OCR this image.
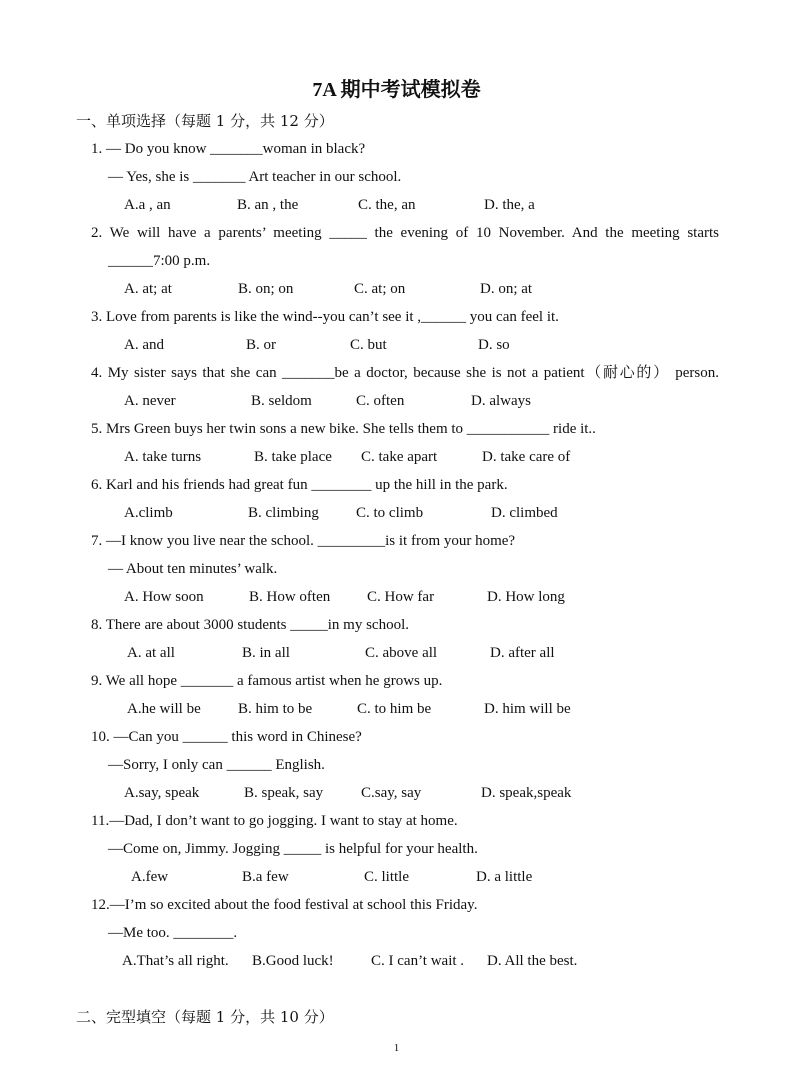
7A 期中考试模拟卷
一、单项选择（每题 1 分，共 12 分）
1. — Do you know _______woman in black?
— Yes, she is _______ Art teacher in our school.
A.a , an	B. an , the	C. the, an	D. the, a
2. We will have a parents’ meeting _____ the evening of 10 November. And the meeting starts
______7:00 p.m.
A. at; at	B. on; on	C. at; on	D. on; at
3. Love from parents is like the wind--you can’t see it ,______ you can feel it.
A. and	B. or	C. but	D. so
4. My sister says that she can _______be a doctor, because she is not a patient（耐心的） person.
A. never	B. seldom	C. often	D. always
5. Mrs Green buys her twin sons a new bike. She tells them to ___________ ride it..
A. take turns	B. take place C. take apart	D. take care of
6. Karl and his friends had great fun ________ up the hill in the park.
A.climb	B. climbing C. to climb	D. climbed
7. —I know you live near the school. _________is it from your home?
— About ten minutes’ walk.
A. How soon	B. How often C. How far	D. How long
8. There are about 3000 students _____in my school.
A. at all	B. in all	C. above all	D. after all
9. We all hope _______ a famous artist when he grows up.
A.he will be B. him to be	C. to him be	D. him will be
10. —Can you ______ this word in Chinese?
—Sorry, I only can ______ English.
A.say, speak	B. speak, say	C.say, say	D. speak,speak
11.—Dad, I don’t want to go jogging. I want to stay at home.
—Come on, Jimmy. Jogging _____ is helpful for your health.
A.few	B.a few	C. little	D. a little
12.—I’m so excited about the food festival at school this Friday.
—Me too. ________.
A.That’s all right. B.Good luck! C. I can’t wait . D. All the best.
二、完型填空（每题 1 分，共 10 分）
1
